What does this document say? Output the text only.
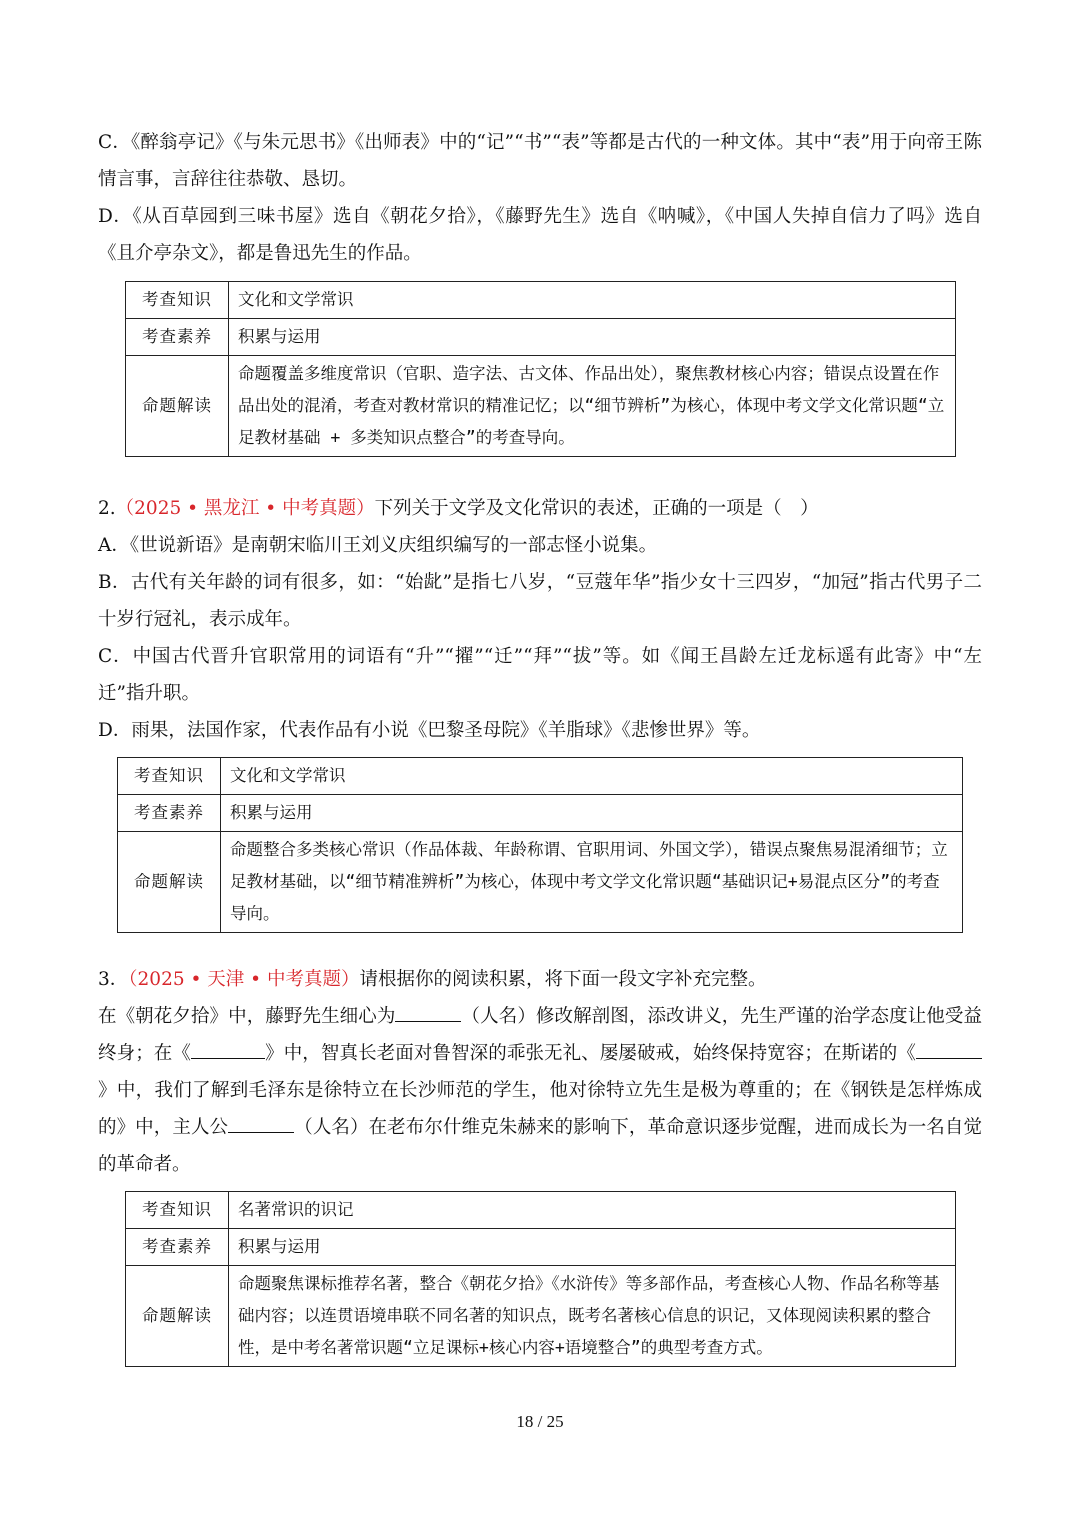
C．《醉翁亭记》《与朱元思书》《出师表》中的“记”“书”“表”等都是古代的一种文体。其中“表”用于向帝王陈情言事，言辞往往恭敬、恳切。

D．《从百草园到三味书屋》选自《朝花夕拾》，《藤野先生》选自《呐喊》，《中国人失掉自信力了吗》选自《且介亭杂文》，都是鲁迅先生的作品。

考查知识	文化和文学常识
考查素养	积累与运用
命题解读	命题覆盖多维度常识（官职、造字法、古文体、作品出处），聚焦教材核心内容；错误点设置在作品出处的混淆，考查对教材常识的精准记忆；以“细节辨析”为核心，体现中考文学文化常识题“立足教材基础 + 多类知识点整合”的考查导向。

2.（2025 • 黑龙江 • 中考真题）下列关于文学及文化常识的表述，正确的一项是（　）

A．《世说新语》是南朝宋临川王刘义庆组织编写的一部志怪小说集。

B．古代有关年龄的词有很多，如：“始龀”是指七八岁，“豆蔻年华”指少女十三四岁，“加冠”指古代男子二十岁行冠礼，表示成年。

C．中国古代晋升官职常用的词语有“升”“擢”“迁”“拜”“拔”等。如《闻王昌龄左迁龙标遥有此寄》中“左迁”指升职。

D．雨果，法国作家，代表作品有小说《巴黎圣母院》《羊脂球》《悲惨世界》等。

考查知识	文化和文学常识
考查素养	积累与运用
命题解读	命题整合多类核心常识（作品体裁、年龄称谓、官职用词、外国文学），错误点聚焦易混淆细节；立足教材基础，以“细节精准辨析”为核心，体现中考文学文化常识题“基础识记+易混点区分”的考查导向。

3．（2025 • 天津 • 中考真题）请根据你的阅读积累，将下面一段文字补充完整。

在《朝花夕拾》中，藤野先生细心为	（人名）修改解剖图，添改讲义，先生严谨的治学态度让他受益终身；在《	》中，智真长老面对鲁智深的乖张无礼、屡屡破戒，始终保持宽容；在斯诺的《》中，我们了解到毛泽东是徐特立在长沙师范的学生，他对徐特立先生是极为尊重的；在《钢铁是怎样炼成的》中，主人公	（人名）在老布尔什维克朱赫来的影响下，革命意识逐步觉醒，进而成长为一名自觉的革命者。

考查知识	名著常识的识记
考查素养	积累与运用
命题解读	命题聚焦课标推荐名著，整合《朝花夕拾》《水浒传》等多部作品，考查核心人物、作品名称等基础内容；以连贯语境串联不同名著的知识点，既考名著核心信息的识记，又体现阅读积累的整合性，是中考名著常识题“立足课标+核心内容+语境整合”的典型考查方式。
18 / 25
